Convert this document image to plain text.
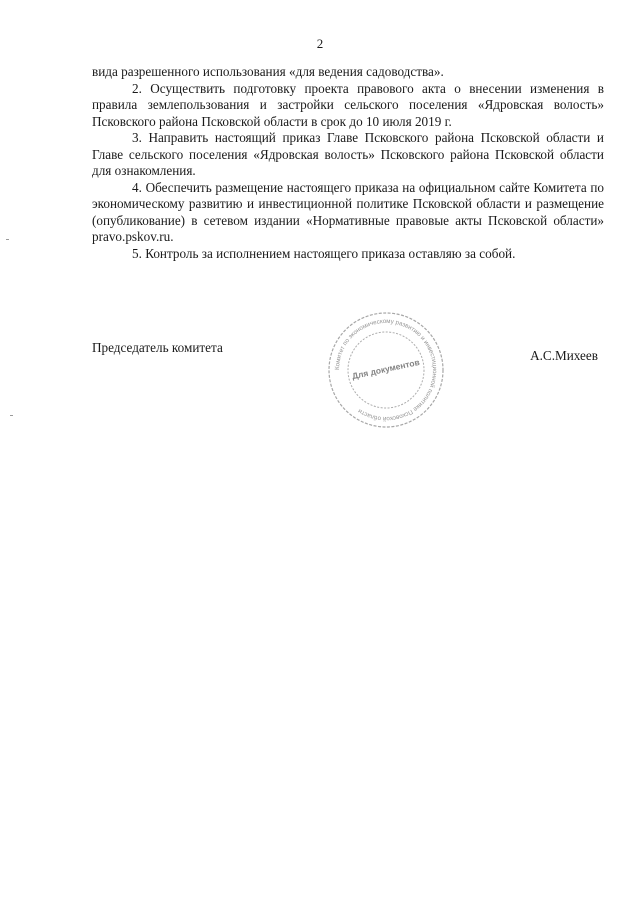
2

вида разрешенного использования «для ведения садоводства».

2. Осуществить подготовку проекта правового акта о внесении изменения в правила землепользования и застройки сельского поселения «Ядровская волость» Псковского района Псковской области в срок до 10 июля 2019 г.

3. Направить настоящий приказ Главе Псковского района Псковской области и Главе сельского поселения «Ядровская волость» Псковского района Псковской области для ознакомления.

4. Обеспечить размещение настоящего приказа на официальном сайте Комитета по экономическому развитию и инвестиционной политике Псковской области и размещение (опубликование) в сетевом издании «Нормативные правовые акты Псковской области» pravo.pskov.ru.

5. Контроль за исполнением настоящего приказа оставляю за собой.

Председатель комитета
А.С.Михеев
Комитет по экономическому развитию и инвестиционной политике Псковской области
Для документов
